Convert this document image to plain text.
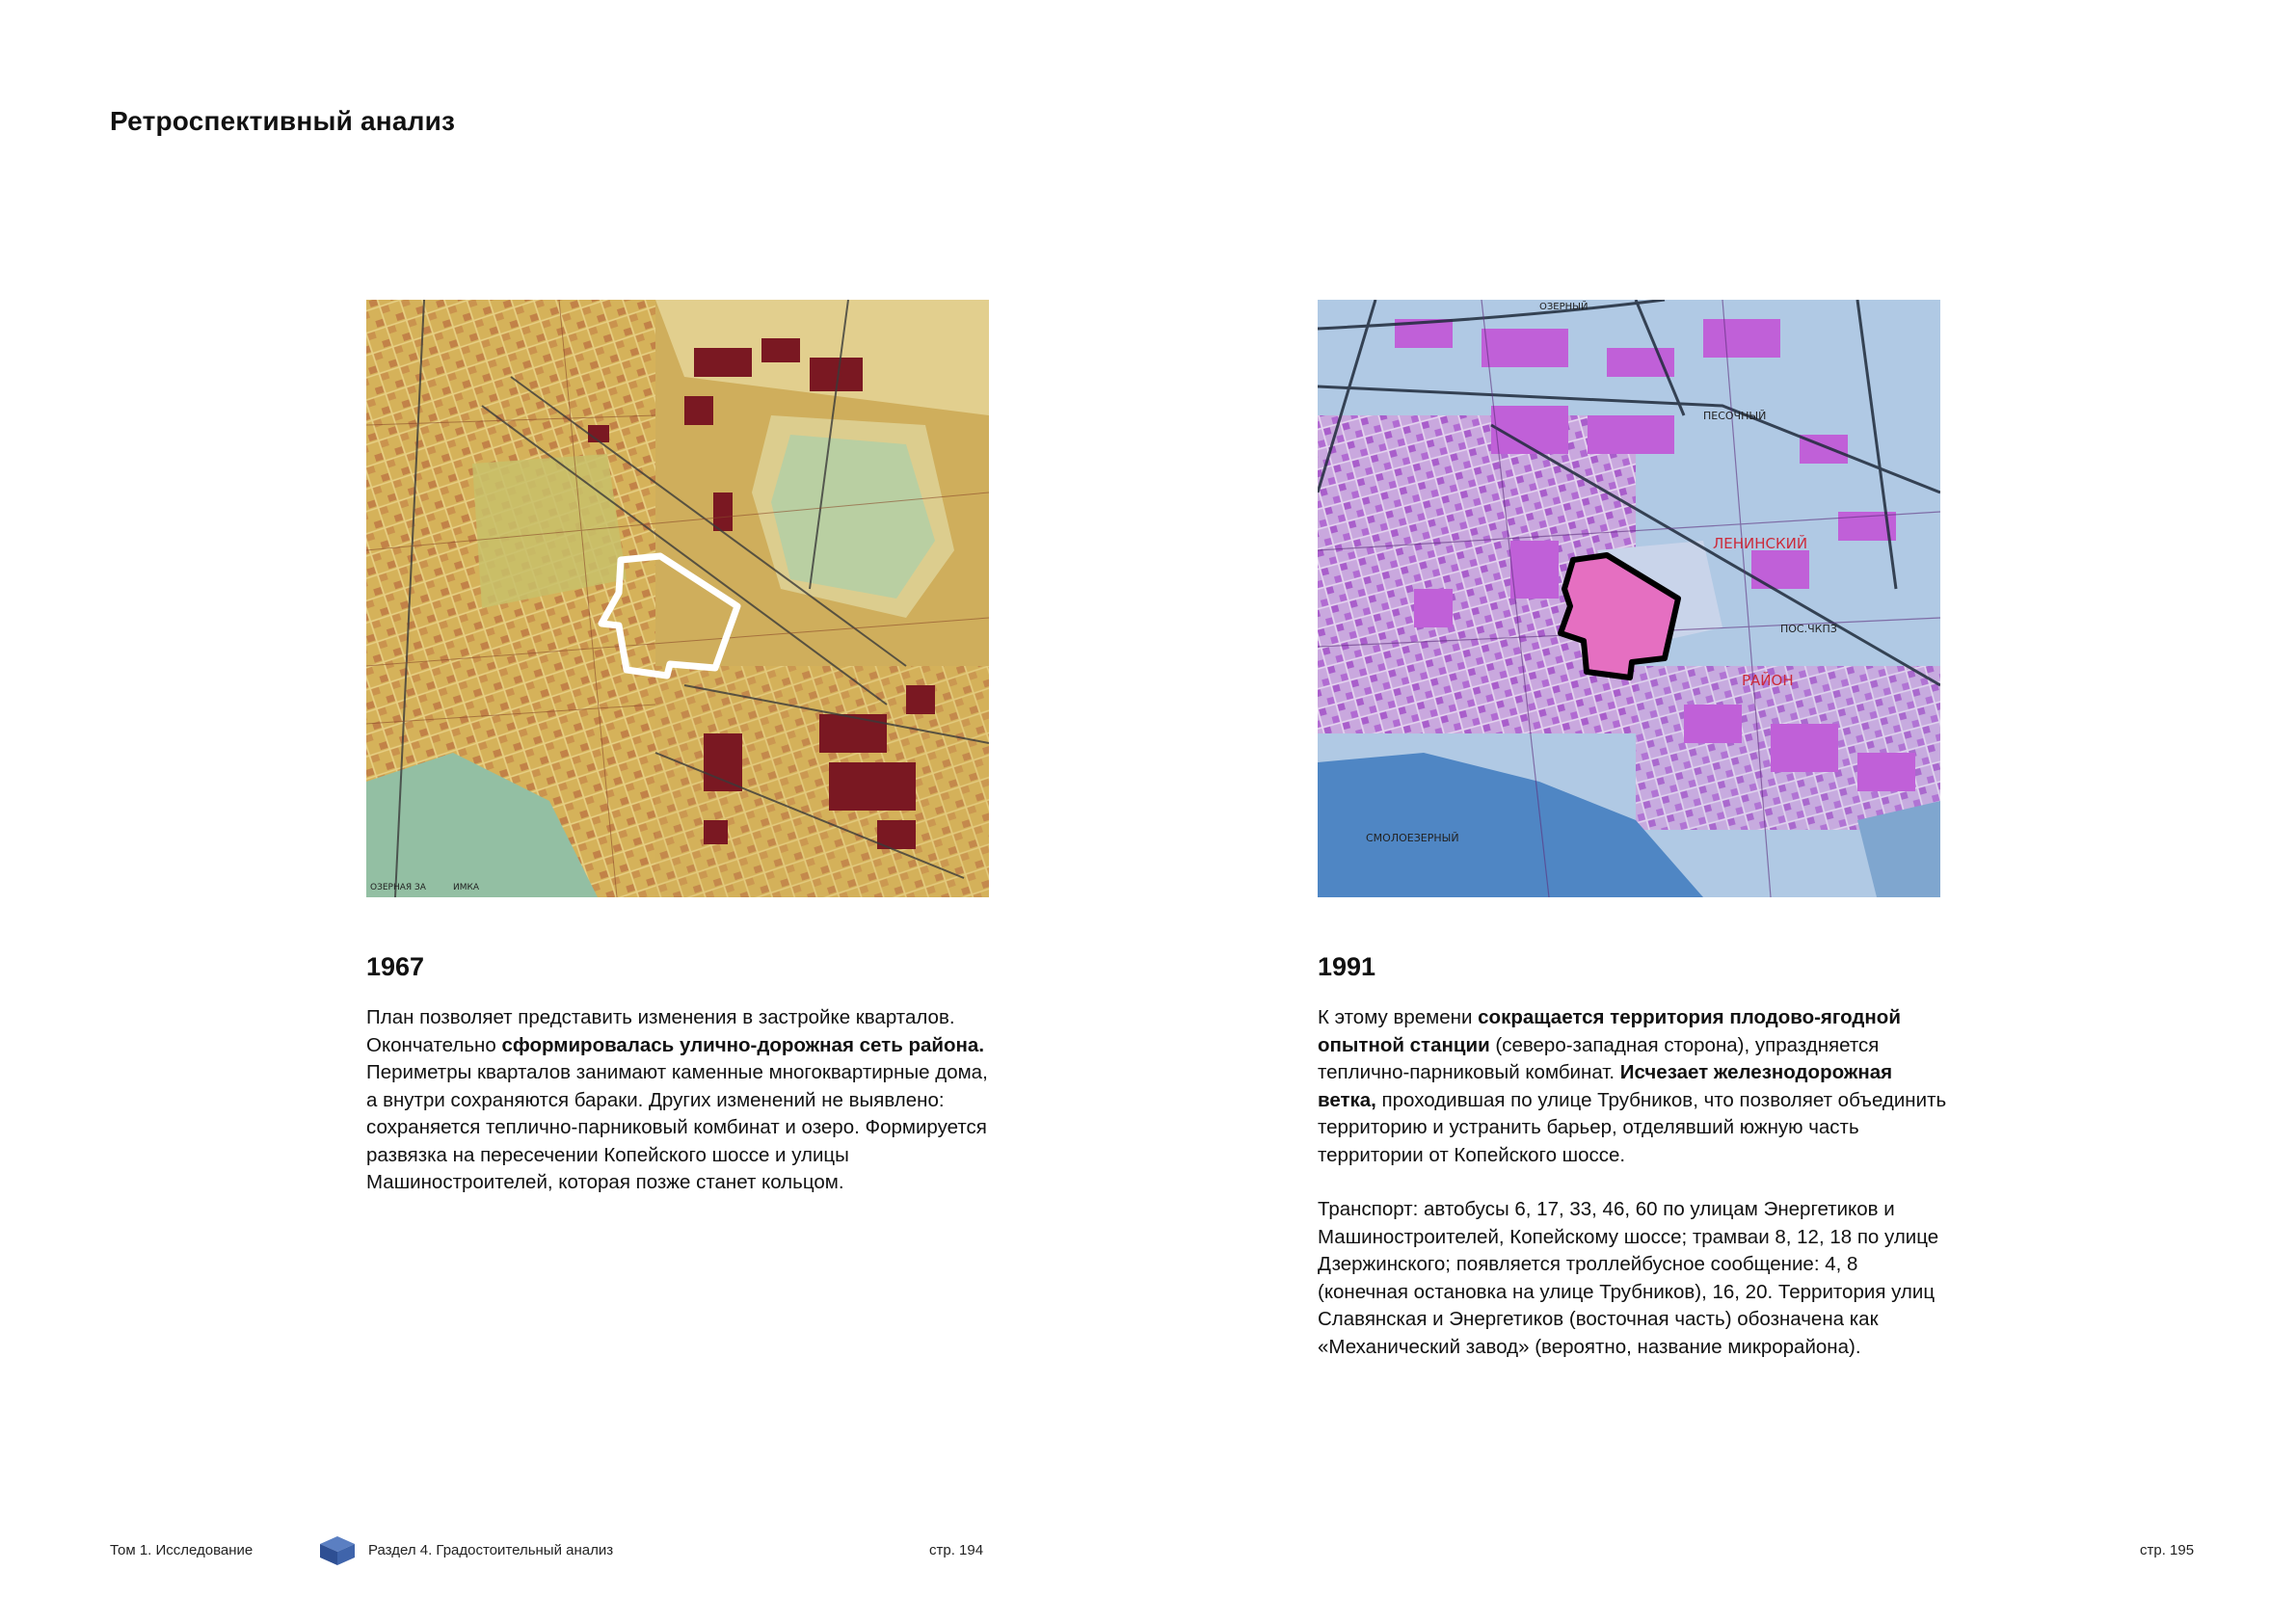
Ретроспективный анализ
ОЗЕРНАЯ ЗА	ИМКА
ЛЕНИНСКИЙ
РАЙОН
СМОЛОЕЗЕРНЫЙ
ПЕСОЧНЫЙ
ПОС.ЧКПЗ
ОЗЕРНЫЙ
1967	1991

План позволяет представить изменения в застройке кварталов. Окончательно сформировалась улично-дорожная сеть района. Периметры кварталов занимают каменные многоквартирные дома, а внутри сохраняются бараки. Других изменений не выявлено: сохраняется теплично-парниковый комбинат и озеро. Формируется развязка на пересечении Копейского шоссе и улицы Машиностроителей, которая позже станет кольцом.

К этому времени сокращается территория плодово-ягодной опытной станции (северо-западная сторона), упраздняется теплично-парниковый комбинат. Исчезает железнодорожная ветка, проходившая по улице Трубников, что позволяет объединить территорию и устранить барьер, отделявший южную часть территории от Копейского шоссе.

Транспорт: автобусы 6, 17, 33, 46, 60 по улицам Энергетиков и Машиностроителей, Копейскому шоссе; трамваи 8, 12, 18 по улице Дзержинского; появляется троллейбусное сообщение: 4, 8 (конечная остановка на улице Трубников), 16, 20. Территория улиц Славянская и Энергетиков (восточная часть) обозначена как «Механический завод» (вероятно, название микрорайона).

Том 1. Исследование	Раздел 4. Градостоительный анализ	стр. 194	стр. 195
